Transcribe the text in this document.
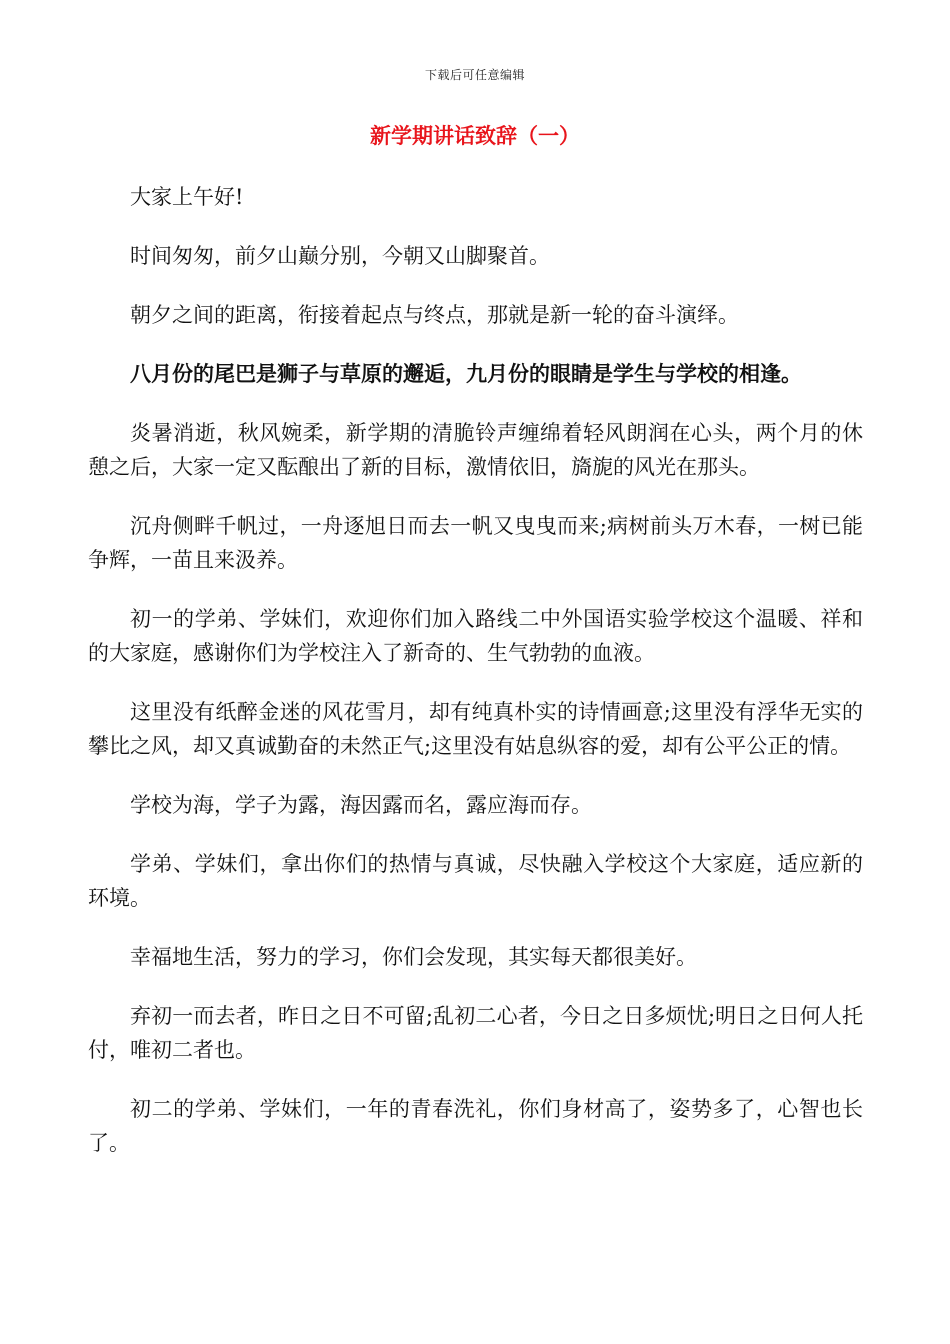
下载后可任意编辑
新学期讲话致辞（一）

大家上午好!

时间匆匆，前夕山巅分别，今朝又山脚聚首。

朝夕之间的距离，衔接着起点与终点，那就是新一轮的奋斗演绎。

八月份的尾巴是狮子与草原的邂逅，九月份的眼睛是学生与学校的相逢。

炎暑消逝，秋风婉柔，新学期的清脆铃声缠绵着轻风朗润在心头，两个月的休憩之后，大家一定又酝酿出了新的目标，激情依旧，旖旎的风光在那头。

沉舟侧畔千帆过，一舟逐旭日而去一帆又曳曳而来;病树前头万木春，一树已能争辉，一苗且来汲养。

初一的学弟、学妹们，欢迎你们加入路线二中外国语实验学校这个温暖、祥和的大家庭，感谢你们为学校注入了新奇的、生气勃勃的血液。

这里没有纸醉金迷的风花雪月，却有纯真朴实的诗情画意;这里没有浮华无实的攀比之风，却又真诚勤奋的未然正气;这里没有姑息纵容的爱，却有公平公正的情。

学校为海，学子为露，海因露而名，露应海而存。

学弟、学妹们，拿出你们的热情与真诚，尽快融入学校这个大家庭，适应新的环境。

幸福地生活，努力的学习，你们会发现，其实每天都很美好。

弃初一而去者，昨日之日不可留;乱初二心者，今日之日多烦忧;明日之日何人托付，唯初二者也。

初二的学弟、学妹们，一年的青春洗礼，你们身材高了，姿势多了，心智也长了。
